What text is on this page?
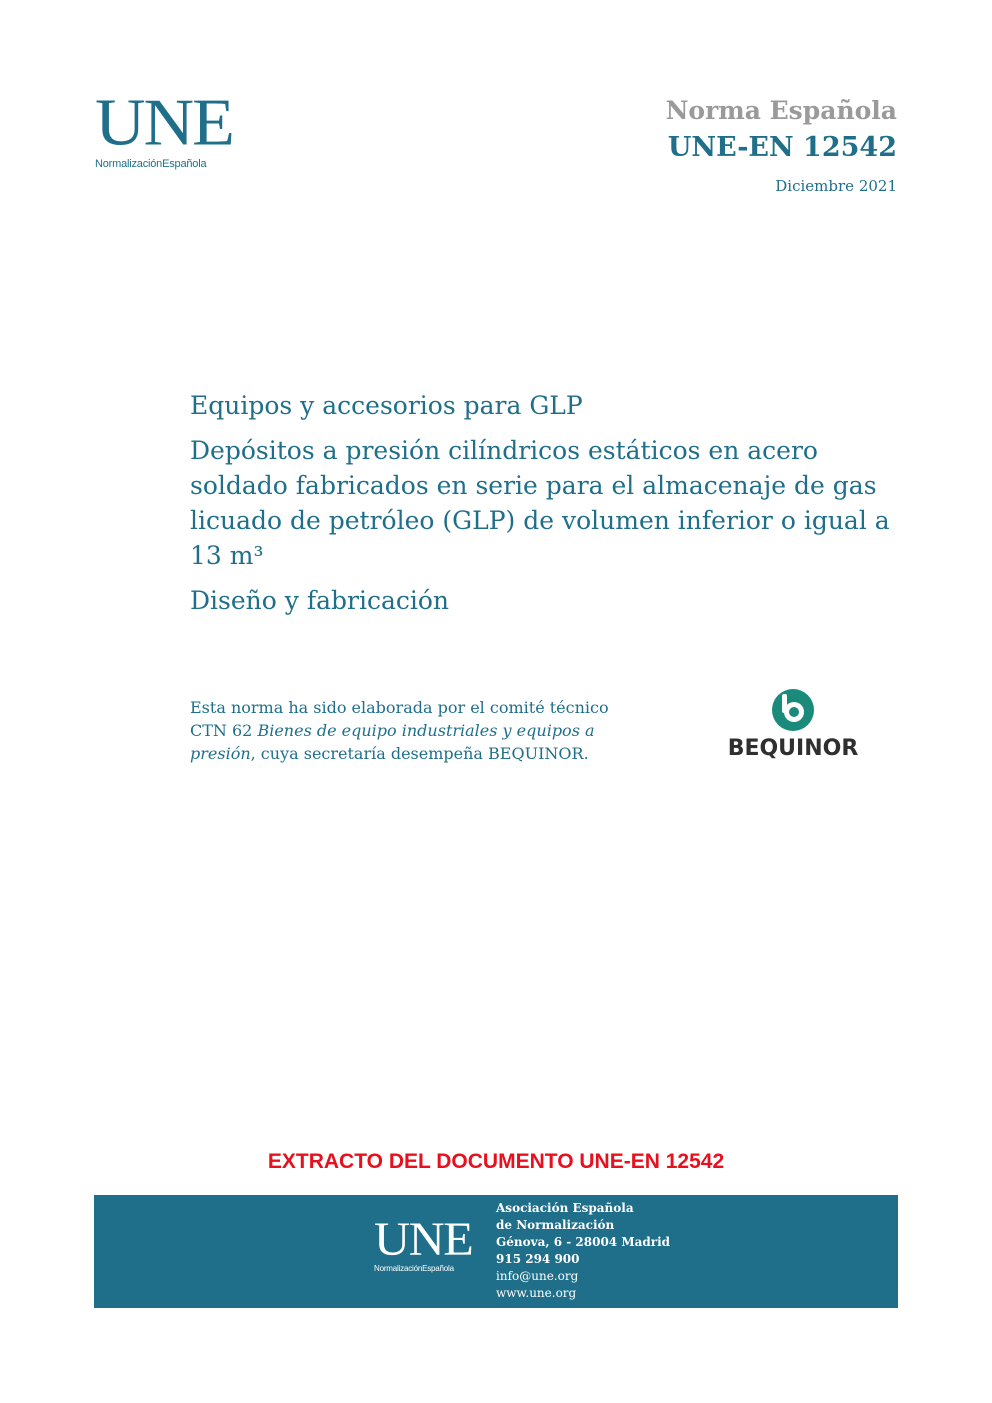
UNE
NormalizaciónEspañola
Norma Española
UNE-EN 12542
Diciembre 2021
Equipos y accesorios para GLP
Depósitos a presión cilíndricos estáticos en acero soldado fabricados en serie para el almacenaje de gas licuado de petróleo (GLP) de volumen inferior o igual a 13 m³
Diseño y fabricación
Esta norma ha sido elaborada por el comité técnico
CTN 62 Bienes de equipo industriales y equipos a presión, cuya secretaría desempeña BEQUINOR.	BEQUINOR
EXTRACTO DEL DOCUMENTO UNE-EN 12542
UNE
NormalizaciónEspañola
Asociación Española
de Normalización
Génova, 6 - 28004 Madrid
915 294 900
info@une.org
www.une.org
